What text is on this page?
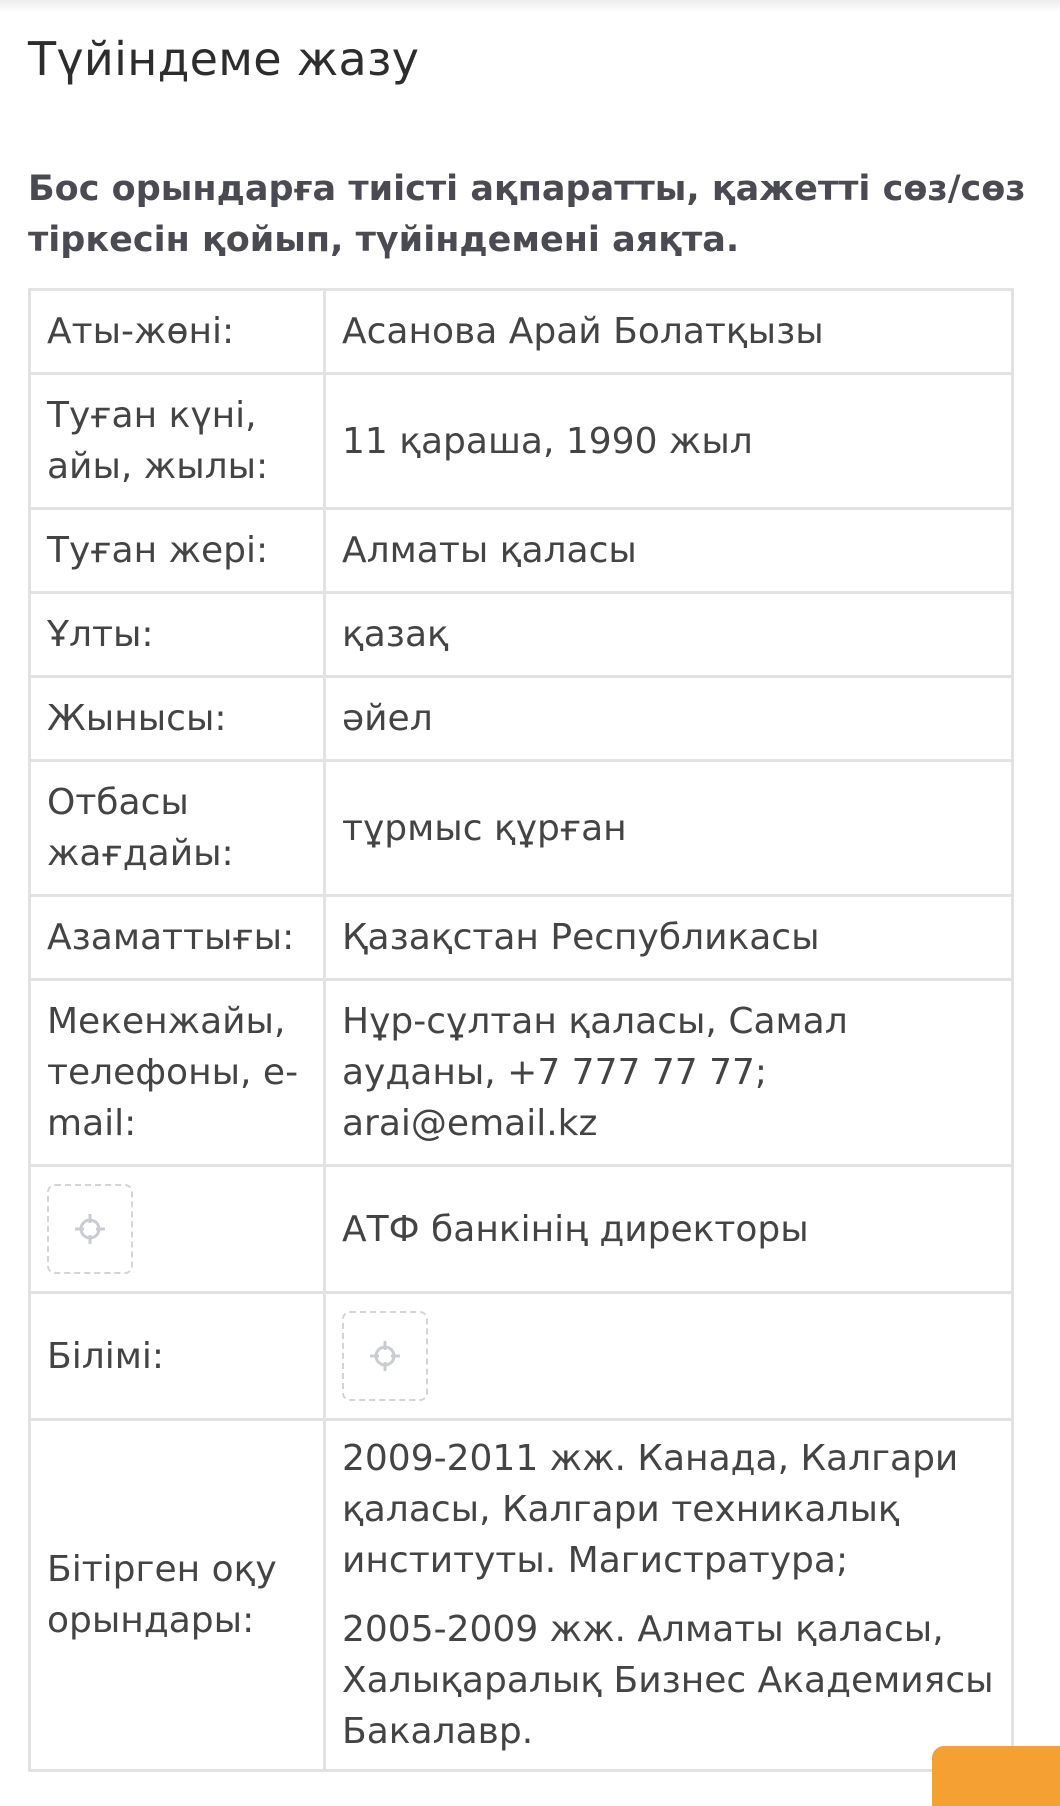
Түйіндеме жазу

Бос орындарға тиісті ақпаратты, қажетті сөз/сөз тіркесін қойып, түйіндемені аяқта.

Аты-жөні:	Асанова Арай Болатқызы
Туған күні, айы, жылы:	11 қараша, 1990 жыл
Туған жері:	Алматы қаласы
Ұлты:	қазақ
Жынысы:	әйел
Отбасы жағдайы:	тұрмыс құрған
Азаматтығы:	Қазақстан Республикасы
Мекенжайы, телефоны, e-mail:	Нұр-сұлтан қаласы, Самал ауданы, +7 777 77 77; arai@email.kz

	АТФ банкінің директоры
Білімі:	

Бітірген оқу орындары:	2009-2011 жж. Канада, Калгари қаласы, Калгари техникалық институты. Магистратура;

2005-2009 жж. Алматы қаласы, Халықаралық Бизнес Академиясы Бакалавр.
